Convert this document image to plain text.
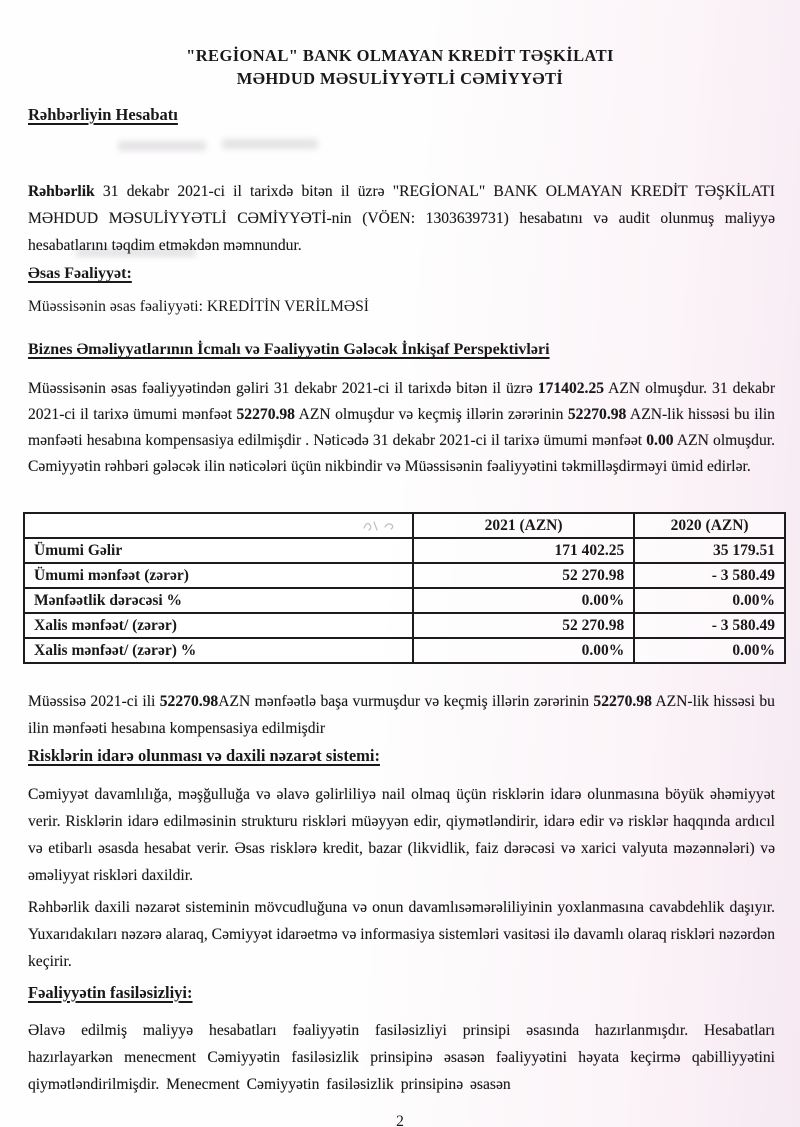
"REGİONAL" BANK OLMAYAN KREDİT TƏŞKİLATI
MƏHDUD MƏSULİYYƏTLİ CƏMİYYƏTİ
Rəhbərliyin Hesabatı

Rəhbərlik 31 dekabr 2021-ci il tarixdə bitən il üzrə "REGİONAL" BANK OLMAYAN KREDİT TƏŞKİLATI MƏHDUD MƏSULİYYƏTLİ CƏMİYYƏTİ-nin (VÖEN: 1303639731) hesabatını və audit olunmuş maliyyə hesabatlarını təqdim etməkdən məmnundur.

Əsas Fəaliyyət:
Müəssisənin əsas fəaliyyəti: KREDİTİN VERİLMƏSİ
Biznes Əməliyyatlarının İcmalı və Fəaliyyətin Gələcək İnkişaf Perspektivləri

Müəssisənin əsas fəaliyyətindən gəliri 31 dekabr 2021-ci il tarixdə bitən il üzrə 171402.25 AZN olmuşdur. 31 dekabr 2021-ci il tarixə ümumi mənfəət 52270.98 AZN olmuşdur və keçmiş illərin zərərinin 52270.98 AZN-lik hissəsi bu ilin mənfəəti hesabına kompensasiya edilmişdir . Nəticədə 31 dekabr 2021-ci il tarixə ümumi mənfəət 0.00 AZN olmuşdur. Cəmiyyətin rəhbəri gələcək ilin nəticələri üçün nikbindir və Müəssisənin fəaliyyətini təkmilləşdirməyi ümid edirlər.

	2021 (AZN)	2020 (AZN)
Ümumi Gəlir	171 402.25	35 179.51
Ümumi mənfəət (zərər)	52 270.98	- 3 580.49
Mənfəətlik dərəcəsi %	0.00%	0.00%
Xalis mənfəət/ (zərər)	52 270.98	- 3 580.49
Xalis mənfəət/ (zərər) %	0.00%	0.00%

Müəssisə 2021-ci ili 52270.98AZN mənfəətlə başa vurmuşdur və keçmiş illərin zərərinin 52270.98 AZN-lik hissəsi bu ilin mənfəəti hesabına kompensasiya edilmişdir

Risklərin idarə olunması və daxili nəzarət sistemi:

Cəmiyyət davamlılığa, məşğulluğa və əlavə gəlirliliyə nail olmaq üçün risklərin idarə olunmasına böyük əhəmiyyət verir. Risklərin idarə edilməsinin strukturu riskləri müəyyən edir, qiymətləndirir, idarə edir və risklər haqqında ardıcıl və etibarlı əsasda hesabat verir. Əsas risklərə kredit, bazar (likvidlik, faiz dərəcəsi və xarici valyuta məzənnələri) və əməliyyat riskləri daxildir.

Rəhbərlik daxili nəzarət sisteminin mövcudluğuna və onun davamlısəmərəliliyinin yoxlanmasına cavabdehlik daşıyır. Yuxarıdakıları nəzərə alaraq, Cəmiyyət idarəetmə və informasiya sistemləri vasitəsi ilə davamlı olaraq riskləri nəzərdən keçirir.

Fəaliyyətin fasiləsizliyi:

Əlavə edilmiş maliyyə hesabatları fəaliyyətin fasiləsizliyi prinsipi əsasında hazırlanmışdır. Hesabatları hazırlayarkən menecment Cəmiyyətin fasiləsizlik prinsipinə əsasən fəaliyyətini həyata keçirmə qabilliyyətini qiymətləndirilmişdir. Menecment Cəmiyyətin fasiləsizlik prinsipinə əsasən

2
